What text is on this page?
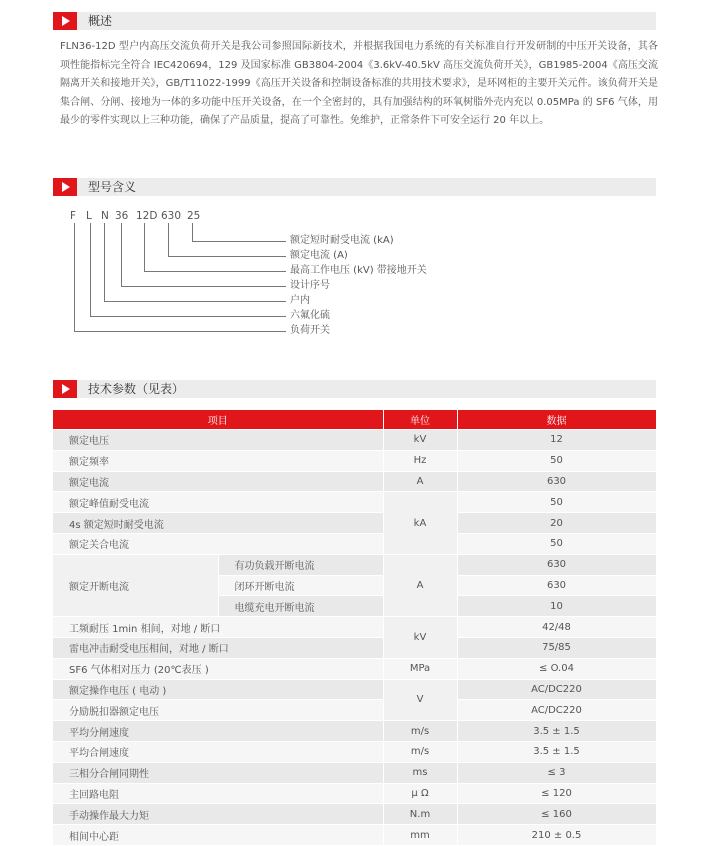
概述

FLN36-12D 型户内高压交流负荷开关是我公司参照国际新技术，并根据我国电力系统的有关标准自行开发研制的中压开关设备，其各项性能指标完全符合 IEC420694，129 及国家标准 GB3804-2004《3.6kV-40.5kV 高压交流负荷开关》，GB1985-2004《高压交流隔离开关和接地开关》，GB/T11022-1999《高压开关设备和控制设备标准的共用技术要求》，是环网柜的主要开关元件。该负荷开关是集合闸、分闸、接地为一体的多功能中压开关设备，在一个全密封的，具有加强结构的环氧树脂外壳内充以 0.05MPa 的 SF6 气体，用最少的零件实现以上三种功能，确保了产品质量，提高了可靠性。免维护，正常条件下可安全运行 20 年以上。

型号含义
F L N 36 12D 630 25
额定短时耐受电流 (kA)
额定电流 (A)
最高工作电压 (kV) 带接地开关
设计序号
户内
六氟化硫
负荷开关
技术参数（见表）
项目		单位	数据
额定电压		kV	12
额定频率		Hz	50
额定电流		A	630
额定峰值耐受电流		kA	50
4s 额定短时耐受电流			20
额定关合电流			50
额定开断电流	有功负载开断电流	A	630
	闭环开断电流		630
	电缆充电开断电流		10
工频耐压 1min 相间，对地 / 断口		kV	42/48
雷电冲击耐受电压相间，对地 / 断口			75/85
SF6 气体相对压力 (20℃表压 )		MPa	≤ O.04
额定操作电压 ( 电动 )		V	AC/DC220
分励脱扣器额定电压			AC/DC220
平均分闸速度		m/s	3.5 ± 1.5
平均合闸速度		m/s	3.5 ± 1.5
三相分合闸同期性		ms	≤ 3
主回路电阻		μ Ω	≤ 120
手动操作最大力矩		N.m	≤ 160
相间中心距		mm	210 ± 0.5
